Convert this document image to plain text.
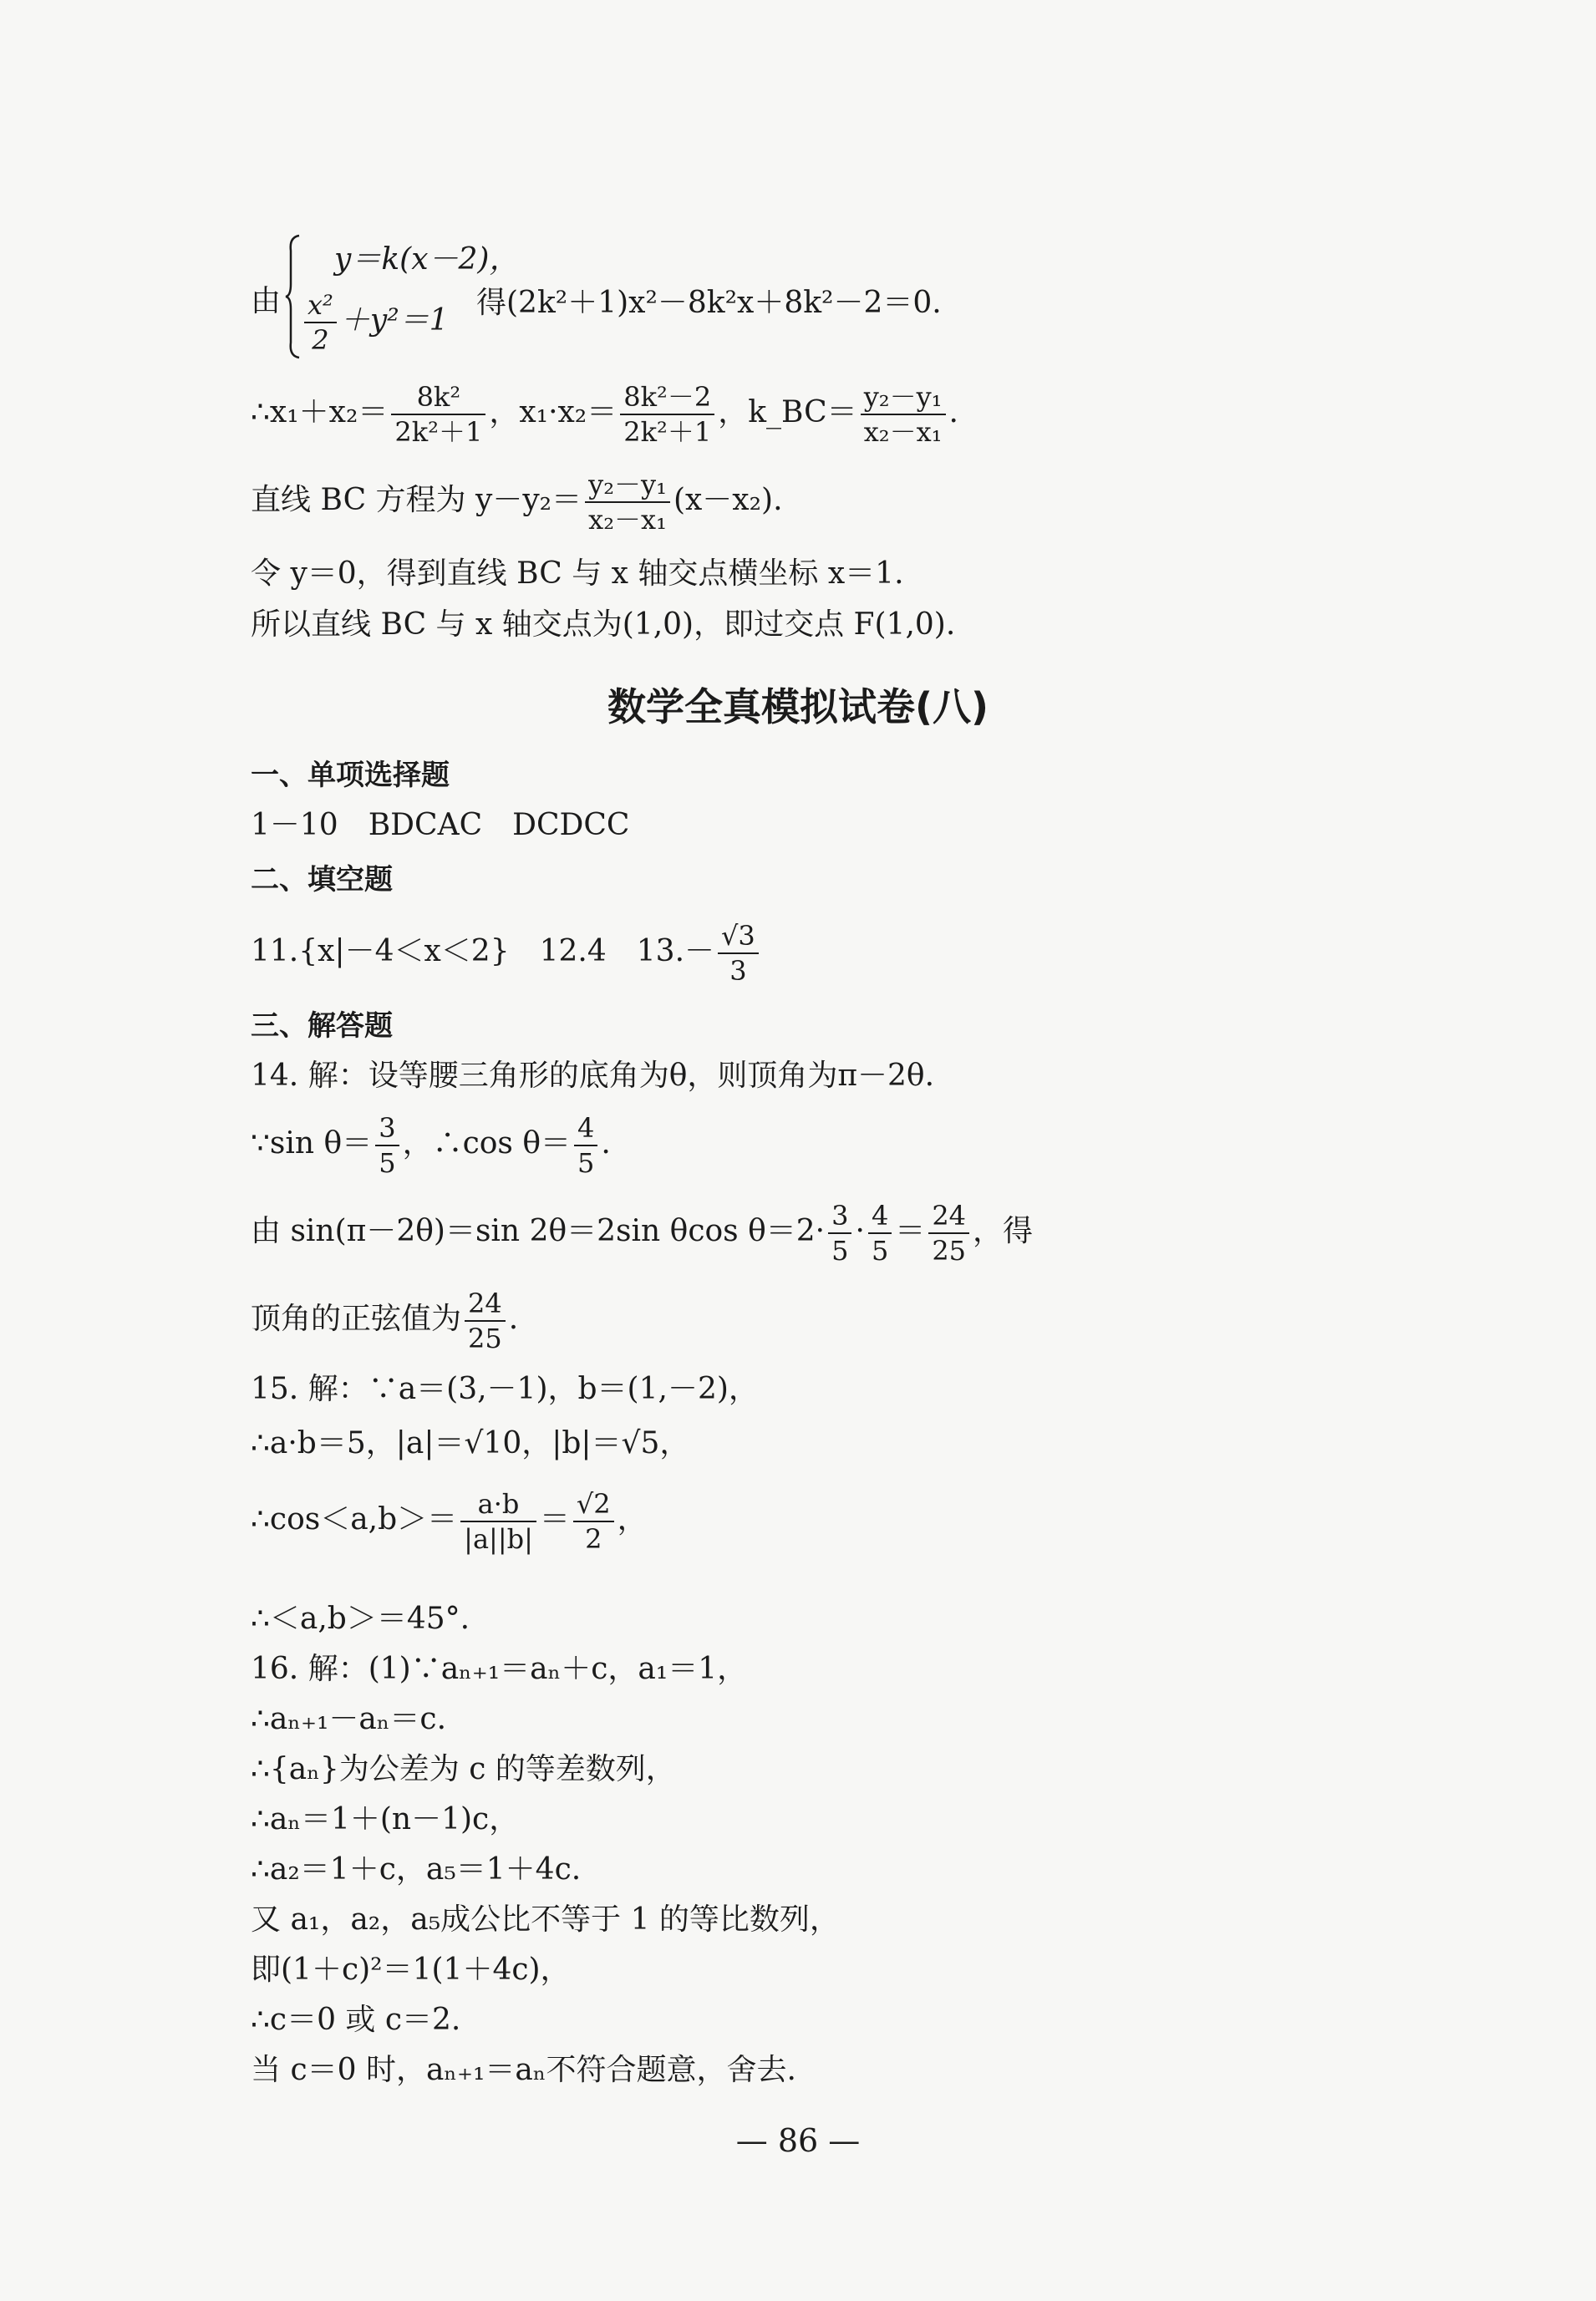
由
y＝k(x－2)，
$\frac{\text{x²}}{2} +y^2=1$
得(2k²＋1)x²－8k²x＋8k²－2＝0.
∴x₁＋x₂＝ $\frac{\text{8k²}}{\text{2k²＋1}}$ ，$x_1\cdot x_2= \frac{\text{8k²－2}}{\text{2k²＋1}}$ ，k_BC＝ $\frac{\text{y₂－y₁}}{\text{x₂－x₁}}$ .
直线 BC 方程为 $y-y_2= \frac{\text{y₂－y₁}}{\text{x₂－x₁}} (x-x_2)$.
令 y＝0，得到直线 BC 与 x 轴交点横坐标 x＝1.
所以直线 BC 与 x 轴交点为(1,0)，即过交点 F(1,0).
数学全真模拟试卷(八)
一、单项选择题
1－10　BDCAC　DCDCC
二、填空题
11.{x|－4＜x＜2}　12.4　$13.- \frac{√3}{3}$
三、解答题
14. 解：设等腰三角形的底角为θ，则顶角为π－2θ.
∵sin $\theta= \frac{3}{5}$ ，∴cos $\theta= \frac{4}{5}$ .
由 sin(π－2θ)＝sin 2θ＝2sin θcos $\theta=2\cdot \frac{3}{5} \cdot \frac{4}{5} = \frac{24}{25}$ ，得
顶角的正弦值为 $\frac{24}{25}$ .
15. 解：∵a＝(3,－1)，b＝(1,－2)，
∴a·b＝5，|a|＝√10，|b|＝√5，
∴cos＜a,b＞＝ $\frac{a\cdot b}{|a||b|} = \frac{√2}{2}$ ，
∴＜a,b＞＝45°.
16. 解：(1)∵aₙ₊₁＝aₙ＋c，a₁＝1，
∴aₙ₊₁－aₙ＝c.
∴{aₙ}为公差为 c 的等差数列，
∴aₙ＝1＋(n－1)c，
∴a₂＝1＋c，a₅＝1＋4c.
又 a₁，a₂，a₅成公比不等于 1 的等比数列，
即(1＋c)²＝1(1＋4c)，
∴c＝0 或 c＝2.
当 c＝0 时，aₙ₊₁＝aₙ不符合题意，舍去.
— 86 —
